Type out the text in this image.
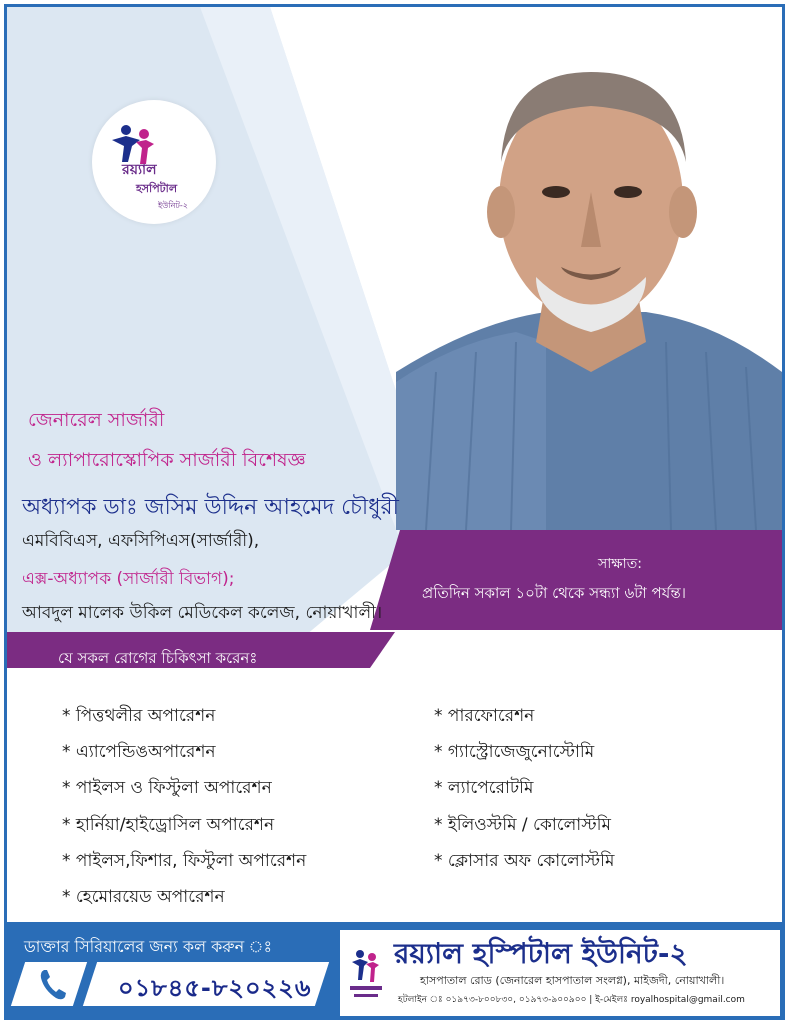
রয়্যাল
হসপিটাল
ইউনিট-২
জেনারেল সার্জারী
ও ল্যাপারোস্কোপিক সার্জারী বিশেষজ্ঞ
অধ্যাপক ডাঃ জসিম উদ্দিন আহমেদ চৌধুরী
এমবিবিএস, এফসিপিএস(সার্জারী),
এক্স-অধ্যাপক (সার্জারী বিভাগ);
আবদুল মালেক উকিল মেডিকেল কলেজ, নোয়াখালী।
সাক্ষাত:
প্রতিদিন সকাল ১০টা থেকে সন্ধ্যা ৬টা পর্যন্ত।
যে সকল রোগের চিকিৎসা করেনঃ
* পিত্তথলীর অপারেশন
* এ্যাপেন্ডিঙঅপারেশন
* পাইলস ও ফিস্টুলা অপারেশন
* হার্নিয়া/হাইড্রোসিল অপারেশন
* পাইলস,ফিশার, ফিস্টুলা অপারেশন
* হেমোরয়েড অপারেশন
* পারফোরেশন
* গ্যাস্ট্রোজেজুনোস্টোমি
* ল্যাপেরোটমি
* ইলিওস্টমি / কোলোস্টমি
* ক্লোসার অফ কোলোস্টমি
ডাক্তার সিরিয়ালের জন্য কল করুন ঃ
০১৮৪৫-৮২০২২৬
রয়্যাল হস্পিটাল ইউনিট-২
হাসপাতাল রোড (জেনারেল হাসপাতাল সংলগ্ন), মাইজদী, নোয়াখালী।
হটলাইন ঃ ০১৯৭৩-৮০০৮৩০, ০১৯৭৩-৯০০৯০০ | ই-মেইলঃ royalhospital@gmail.com
